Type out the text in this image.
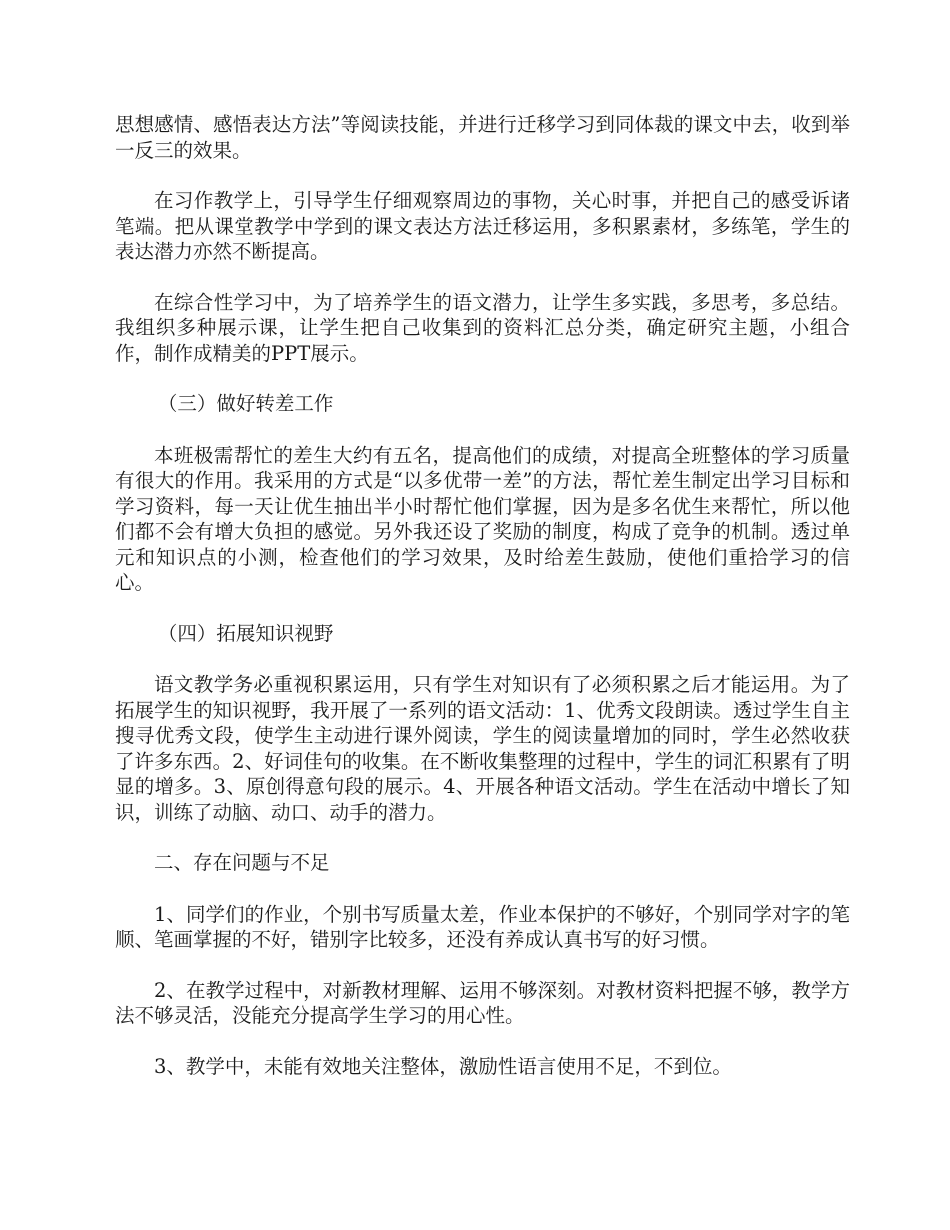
思想感情、感悟表达方法”等阅读技能，并进行迁移学习到同体裁的课文中去，收到举一反三的效果。

在习作教学上，引导学生仔细观察周边的事物，关心时事，并把自己的感受诉诸笔端。把从课堂教学中学到的课文表达方法迁移运用，多积累素材，多练笔，学生的表达潜力亦然不断提高。

在综合性学习中，为了培养学生的语文潜力，让学生多实践，多思考，多总结。我组织多种展示课，让学生把自己收集到的资料汇总分类，确定研究主题，小组合作，制作成精美的PPT展示。

（三）做好转差工作

本班极需帮忙的差生大约有五名，提高他们的成绩，对提高全班整体的学习质量有很大的作用。我采用的方式是“以多优带一差”的方法，帮忙差生制定出学习目标和学习资料，每一天让优生抽出半小时帮忙他们掌握，因为是多名优生来帮忙，所以他们都不会有增大负担的感觉。另外我还设了奖励的制度，构成了竞争的机制。透过单元和知识点的小测，检查他们的学习效果，及时给差生鼓励，使他们重拾学习的信心。

（四）拓展知识视野

语文教学务必重视积累运用，只有学生对知识有了必须积累之后才能运用。为了拓展学生的知识视野，我开展了一系列的语文活动：1、优秀文段朗读。透过学生自主搜寻优秀文段，使学生主动进行课外阅读，学生的阅读量增加的同时，学生必然收获了许多东西。2、好词佳句的收集。在不断收集整理的过程中，学生的词汇积累有了明显的增多。3、原创得意句段的展示。4、开展各种语文活动。学生在活动中增长了知识，训练了动脑、动口、动手的潜力。

二、存在问题与不足

1、同学们的作业，个别书写质量太差，作业本保护的不够好，个别同学对字的笔顺、笔画掌握的不好，错别字比较多，还没有养成认真书写的好习惯。

2、在教学过程中，对新教材理解、运用不够深刻。对教材资料把握不够，教学方法不够灵活，没能充分提高学生学习的用心性。

3、教学中，未能有效地关注整体，激励性语言使用不足，不到位。
